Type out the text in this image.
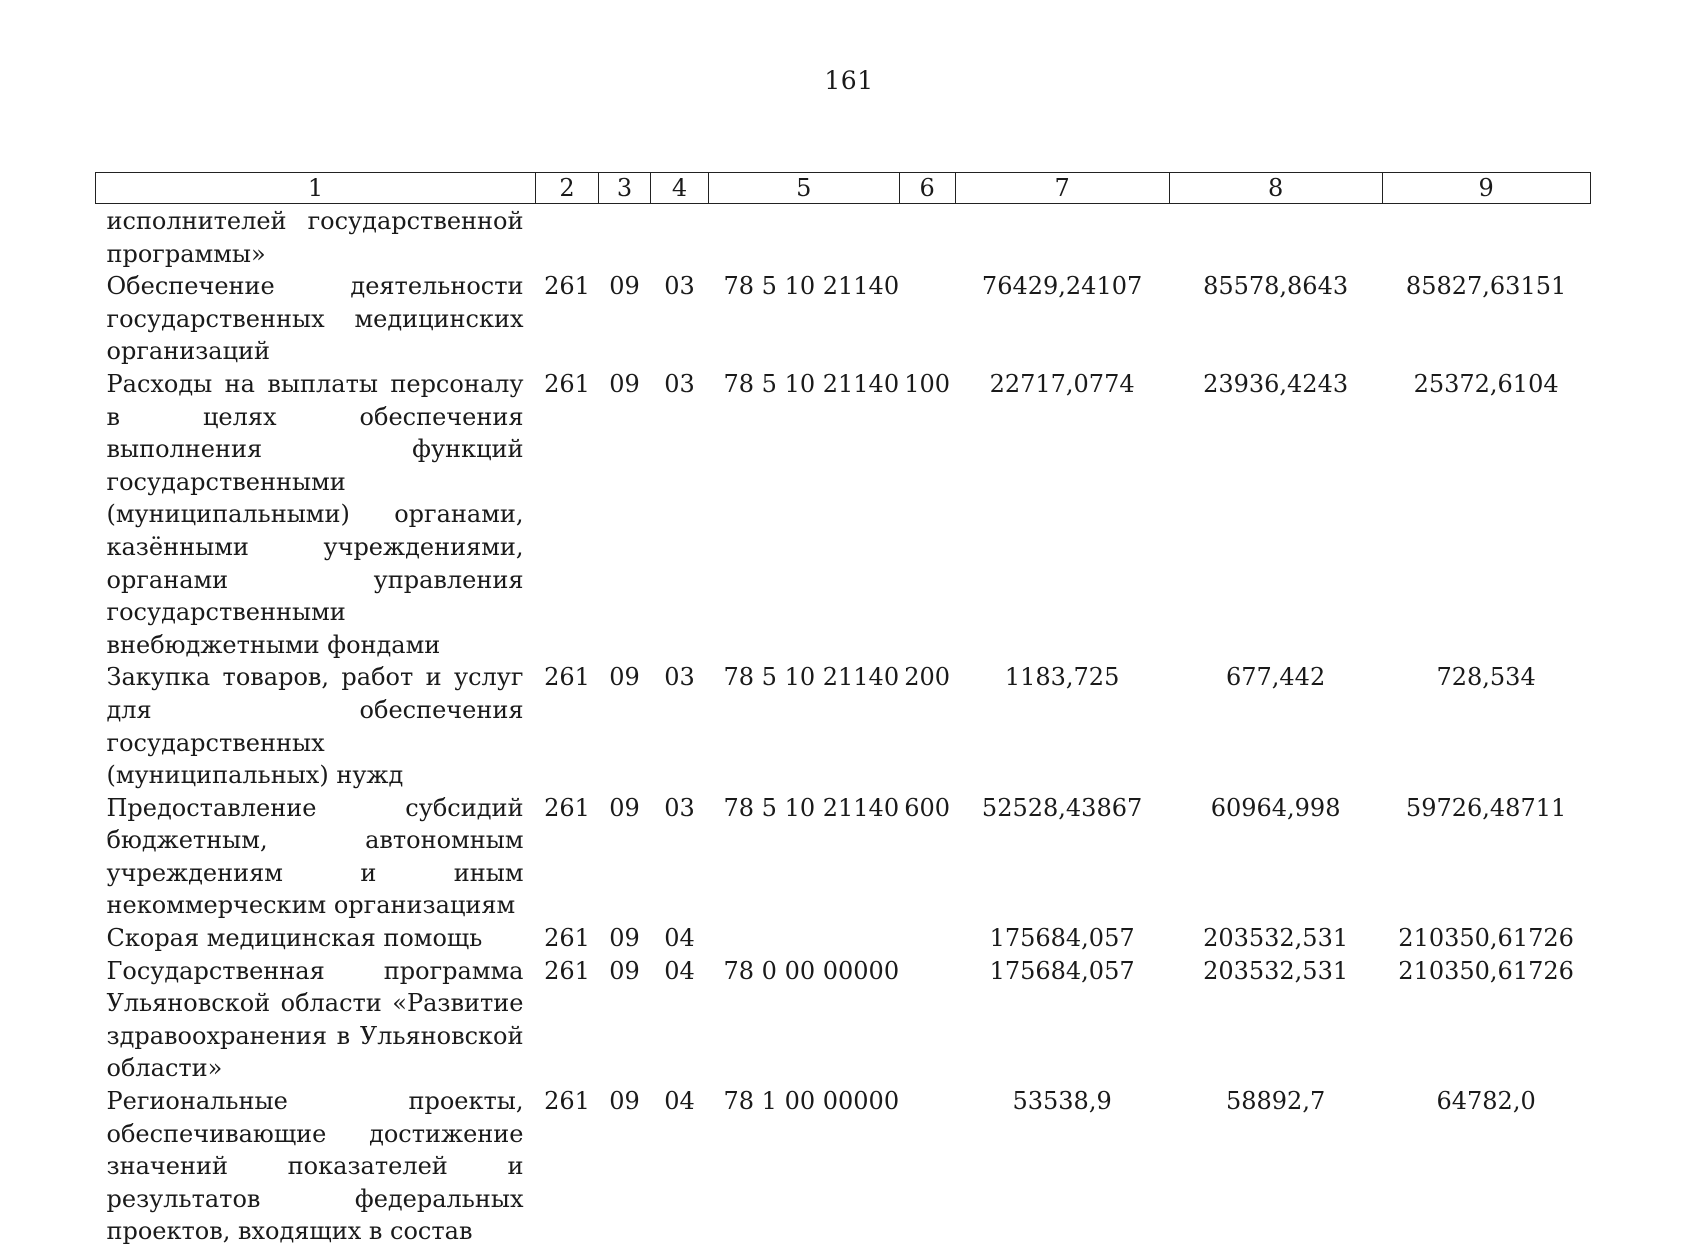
161
1	2	3	4	5	6	7	8	9
исполнителей государственной программы»								
Обеспечение деятельности государственных медицинских организаций	261	09	03	78 5 10 21140		76429,24107	85578,8643	85827,63151
Расходы на выплаты персоналу в целях обеспечения выполнения функций государственными (муниципальными) органами, казёнными учреждениями, органами управления государственными внебюджетными фондами	261	09	03	78 5 10 21140	100	22717,0774	23936,4243	25372,6104
Закупка товаров, работ и услуг для обеспечения государственных (муниципальных) нужд	261	09	03	78 5 10 21140	200	1183,725	677,442	728,534
Предоставление субсидий бюджетным, автономным учреждениям и иным некоммерческим организациям	261	09	03	78 5 10 21140	600	52528,43867	60964,998	59726,48711
Скорая медицинская помощь	261	09	04			175684,057	203532,531	210350,61726
Государственная программа Ульяновской области «Развитие здравоохранения в Ульяновской области»	261	09	04	78 0 00 00000		175684,057	203532,531	210350,61726
Региональные проекты, обеспечивающие достижение значений показателей и результатов федеральных проектов, входящих в состав	261	09	04	78 1 00 00000		53538,9	58892,7	64782,0
